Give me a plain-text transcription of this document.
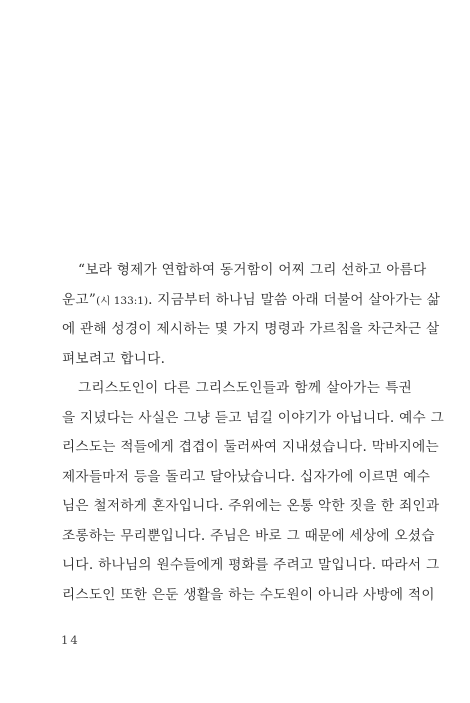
“보라 형제가 연합하여 동거함이 어찌 그리 선하고 아름다
운고”(시 133:1). 지금부터 하나님 말씀 아래 더불어 살아가는 삶
에 관해 성경이 제시하는 몇 가지 명령과 가르침을 차근차근 살
펴보려고 합니다.
그리스도인이 다른 그리스도인들과 함께 살아가는 특권
을 지녔다는 사실은 그냥 듣고 넘길 이야기가 아닙니다. 예수 그
리스도는 적들에게 겹겹이 둘러싸여 지내셨습니다. 막바지에는
제자들마저 등을 돌리고 달아났습니다. 십자가에 이르면 예수
님은 철저하게 혼자입니다. 주위에는 온통 악한 짓을 한 죄인과
조롱하는 무리뿐입니다. 주님은 바로 그 때문에 세상에 오셨습
니다. 하나님의 원수들에게 평화를 주려고 말입니다. 따라서 그
리스도인 또한 은둔 생활을 하는 수도원이 아니라 사방에 적이
14
